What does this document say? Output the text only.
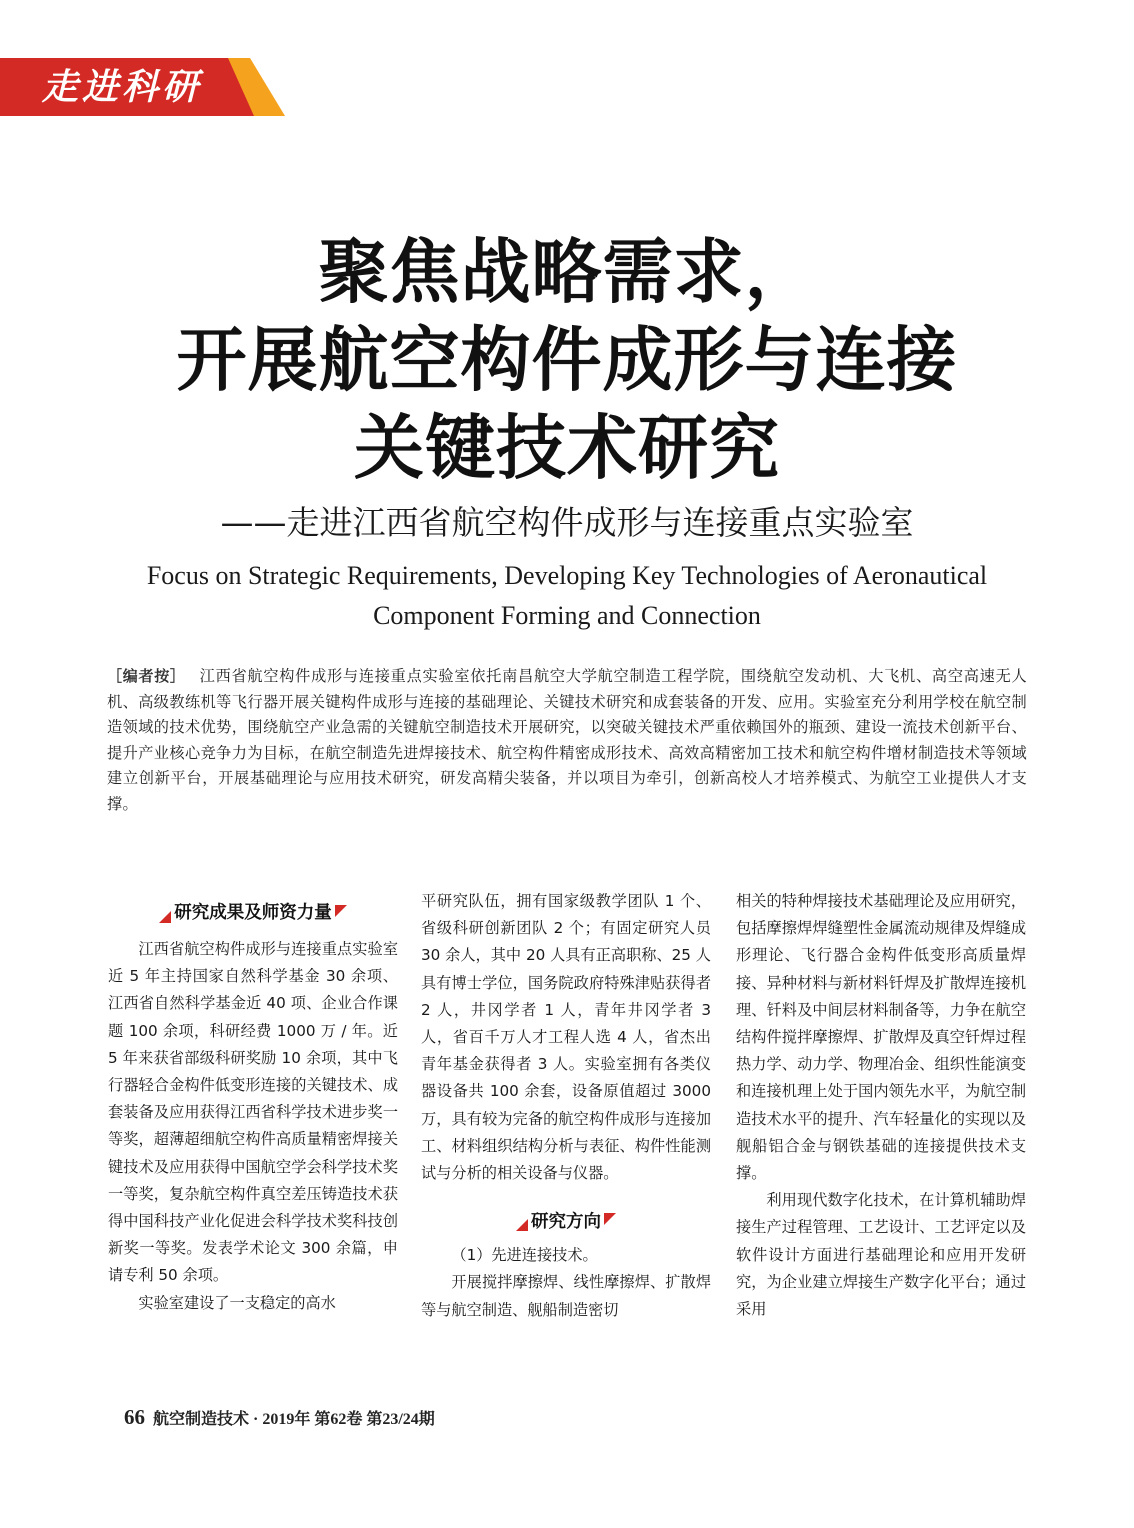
走进科研
聚焦战略需求，
开展航空构件成形与连接
关键技术研究
——走进江西省航空构件成形与连接重点实验室
Focus on Strategic Requirements, Developing Key Technologies of Aeronautical
Component Forming and Connection

［编者按］ 江西省航空构件成形与连接重点实验室依托南昌航空大学航空制造工程学院，围绕航空发动机、大飞机、高空高速无人机、高级教练机等飞行器开展关键构件成形与连接的基础理论、关键技术研究和成套装备的开发、应用。实验室充分利用学校在航空制造领域的技术优势，围绕航空产业急需的关键航空制造技术开展研究，以突破关键技术严重依赖国外的瓶颈、建设一流技术创新平台、提升产业核心竞争力为目标，在航空制造先进焊接技术、航空构件精密成形技术、高效高精密加工技术和航空构件增材制造技术等领域建立创新平台，开展基础理论与应用技术研究，研发高精尖装备，并以项目为牵引，创新高校人才培养模式、为航空工业提供人才支撑。

研究成果及师资力量

江西省航空构件成形与连接重点实验室近 5 年主持国家自然科学基金 30 余项、江西省自然科学基金近 40 项、企业合作课题 100 余项，科研经费 1000 万 / 年。近 5 年来获省部级科研奖励 10 余项，其中飞行器轻合金构件低变形连接的关键技术、成套装备及应用获得江西省科学技术进步奖一等奖，超薄超细航空构件高质量精密焊接关键技术及应用获得中国航空学会科学技术奖一等奖，复杂航空构件真空差压铸造技术获得中国科技产业化促进会科学技术奖科技创新奖一等奖。发表学术论文 300 余篇，申请专利 50 余项。

实验室建设了一支稳定的高水

平研究队伍，拥有国家级教学团队 1 个、省级科研创新团队 2 个；有固定研究人员 30 余人，其中 20 人具有正高职称、25 人具有博士学位，国务院政府特殊津贴获得者 2 人，井冈学者 1 人，青年井冈学者 3 人，省百千万人才工程人选 4 人，省杰出青年基金获得者 3 人。实验室拥有各类仪器设备共 100 余套，设备原值超过 3000 万，具有较为完备的航空构件成形与连接加工、材料组织结构分析与表征、构件性能测试与分析的相关设备与仪器。

研究方向

（1）先进连接技术。

开展搅拌摩擦焊、线性摩擦焊、扩散焊等与航空制造、舰船制造密切

相关的特种焊接技术基础理论及应用研究，包括摩擦焊焊缝塑性金属流动规律及焊缝成形理论、飞行器合金构件低变形高质量焊接、异种材料与新材料钎焊及扩散焊连接机理、钎料及中间层材料制备等，力争在航空结构件搅拌摩擦焊、扩散焊及真空钎焊过程热力学、动力学、物理冶金、组织性能演变和连接机理上处于国内领先水平，为航空制造技术水平的提升、汽车轻量化的实现以及舰船铝合金与钢铁基础的连接提供技术支撑。

利用现代数字化技术，在计算机辅助焊接生产过程管理、工艺设计、工艺评定以及软件设计方面进行基础理论和应用开发研究，为企业建立焊接生产数字化平台；通过采用

66 航空制造技术 · 2019年 第62卷 第23/24期
